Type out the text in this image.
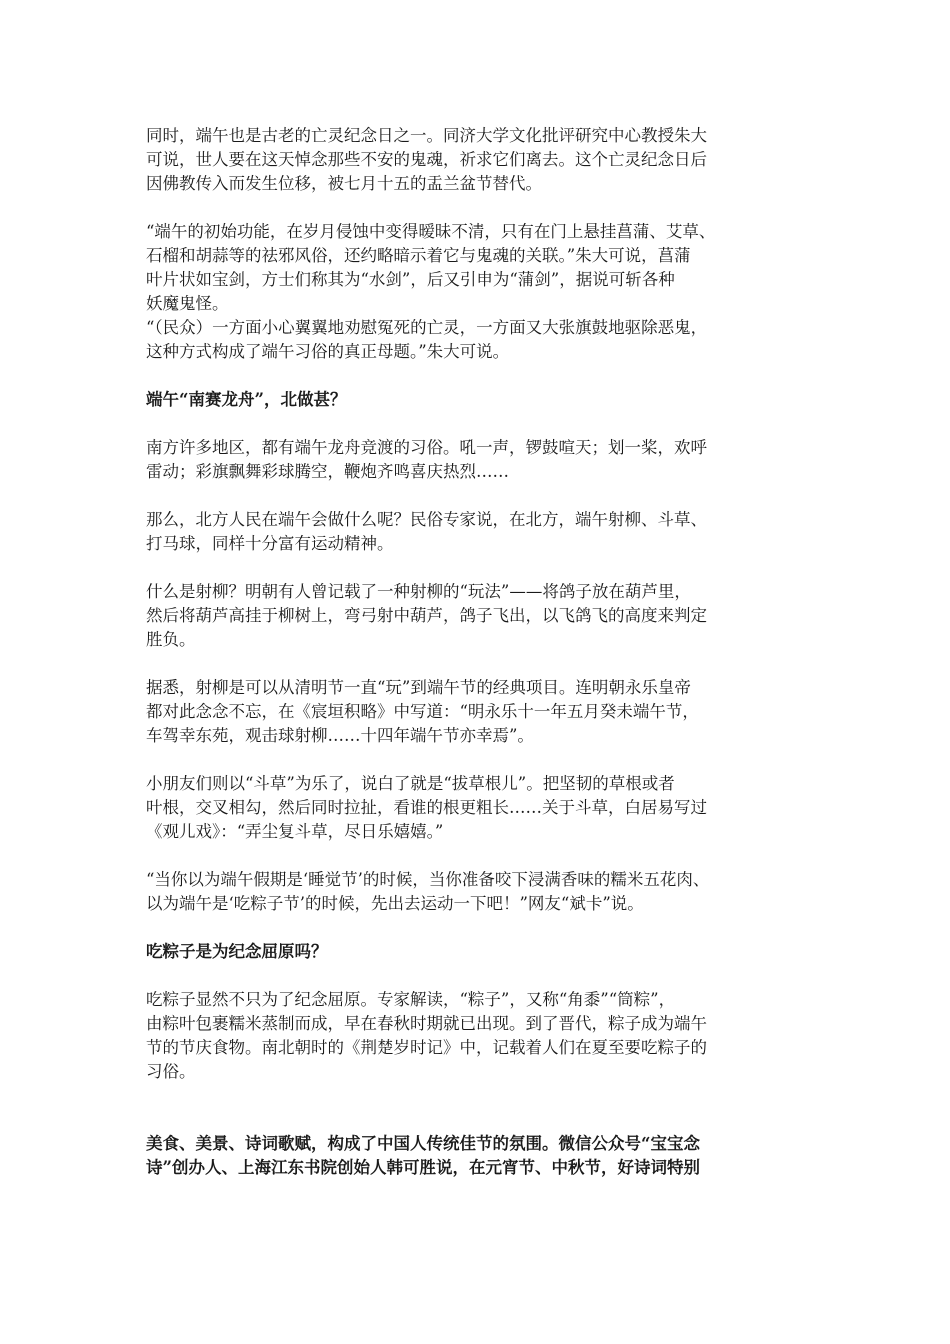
同时，端午也是古老的亡灵纪念日之一。同济大学文化批评研究中心教授朱大
可说，世人要在这天悼念那些不安的鬼魂，祈求它们离去。这个亡灵纪念日后
因佛教传入而发生位移，被七月十五的盂兰盆节替代。

“端午的初始功能，在岁月侵蚀中变得暧昧不清，只有在门上悬挂菖蒲、艾草、
石榴和胡蒜等的祛邪风俗，还约略暗示着它与鬼魂的关联。”朱大可说，菖蒲
叶片状如宝剑，方士们称其为“水剑”，后又引申为“蒲剑”，据说可斩各种
妖魔鬼怪。

“（民众）一方面小心翼翼地劝慰冤死的亡灵，一方面又大张旗鼓地驱除恶鬼，
这种方式构成了端午习俗的真正母题。”朱大可说。

端午“南赛龙舟”，北做甚？

南方许多地区，都有端午龙舟竞渡的习俗。吼一声，锣鼓喧天；划一桨，欢呼
雷动；彩旗飘舞彩球腾空，鞭炮齐鸣喜庆热烈……

那么，北方人民在端午会做什么呢？民俗专家说，在北方，端午射柳、斗草、
打马球，同样十分富有运动精神。

什么是射柳？明朝有人曾记载了一种射柳的“玩法”——将鸽子放在葫芦里，
然后将葫芦高挂于柳树上，弯弓射中葫芦，鸽子飞出，以飞鸽飞的高度来判定
胜负。

据悉，射柳是可以从清明节一直“玩”到端午节的经典项目。连明朝永乐皇帝
都对此念念不忘，在《宸垣积略》中写道：“明永乐十一年五月癸未端午节，
车驾幸东苑，观击球射柳……十四年端午节亦幸焉”。

小朋友们则以“斗草”为乐了，说白了就是“拔草根儿”。把坚韧的草根或者
叶根，交叉相勾，然后同时拉扯，看谁的根更粗长……关于斗草，白居易写过
《观儿戏》：“弄尘复斗草，尽日乐嬉嬉。”

“当你以为端午假期是‘睡觉节’的时候，当你准备咬下浸满香味的糯米五花肉、
以为端午是‘吃粽子节’的时候，先出去运动一下吧！”网友“斌卡”说。

吃粽子是为纪念屈原吗？

吃粽子显然不只为了纪念屈原。专家解读，“粽子”，又称“角黍”“筒粽”，
由粽叶包裹糯米蒸制而成，早在春秋时期就已出现。到了晋代，粽子成为端午
节的节庆食物。南北朝时的《荆楚岁时记》中，记载着人们在夏至要吃粽子的
习俗。

美食、美景、诗词歌赋，构成了中国人传统佳节的氛围。微信公众号“宝宝念
诗”创办人、上海江东书院创始人韩可胜说，在元宵节、中秋节，好诗词特别
